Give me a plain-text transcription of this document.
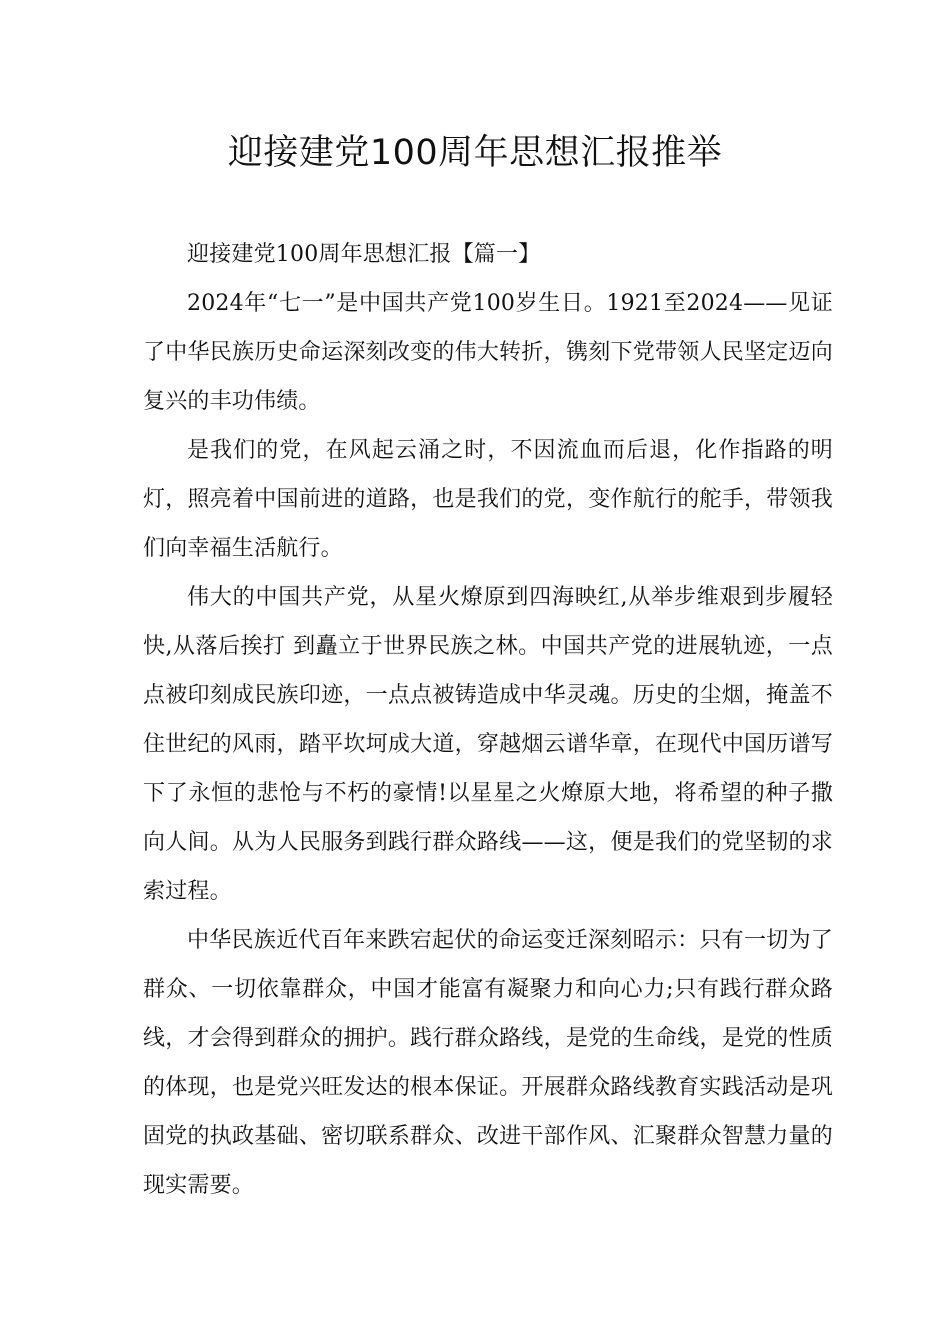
迎接建党100周年思想汇报推举

迎接建党100周年思想汇报【篇一】

2024年“七一”是中国共产党100岁生日。1921至2024——见证了中华民族历史命运深刻改变的伟大转折，镌刻下党带领人民坚定迈向复兴的丰功伟绩。

是我们的党，在风起云涌之时，不因流血而后退，化作指路的明灯，照亮着中国前进的道路，也是我们的党，变作航行的舵手，带领我们向幸福生活航行。

伟大的中国共产党，从星火燎原到四海映红,从举步维艰到步履轻快,从落后挨打 到矗立于世界民族之林。中国共产党的进展轨迹，一点点被印刻成民族印迹，一点点被铸造成中华灵魂。历史的尘烟，掩盖不住世纪的风雨，踏平坎坷成大道，穿越烟云谱华章，在现代中国历谱写下了永恒的悲怆与不朽的豪情!以星星之火燎原大地，将希望的种子撒向人间。从为人民服务到践行群众路线——这，便是我们的党坚韧的求索过程。

中华民族近代百年来跌宕起伏的命运变迁深刻昭示：只有一切为了群众、一切依靠群众，中国才能富有凝聚力和向心力;只有践行群众路线，才会得到群众的拥护。践行群众路线，是党的生命线，是党的性质的体现，也是党兴旺发达的根本保证。开展群众路线教育实践活动是巩固党的执政基础、密切联系群众、改进干部作风、汇聚群众智慧力量的现实需要。
